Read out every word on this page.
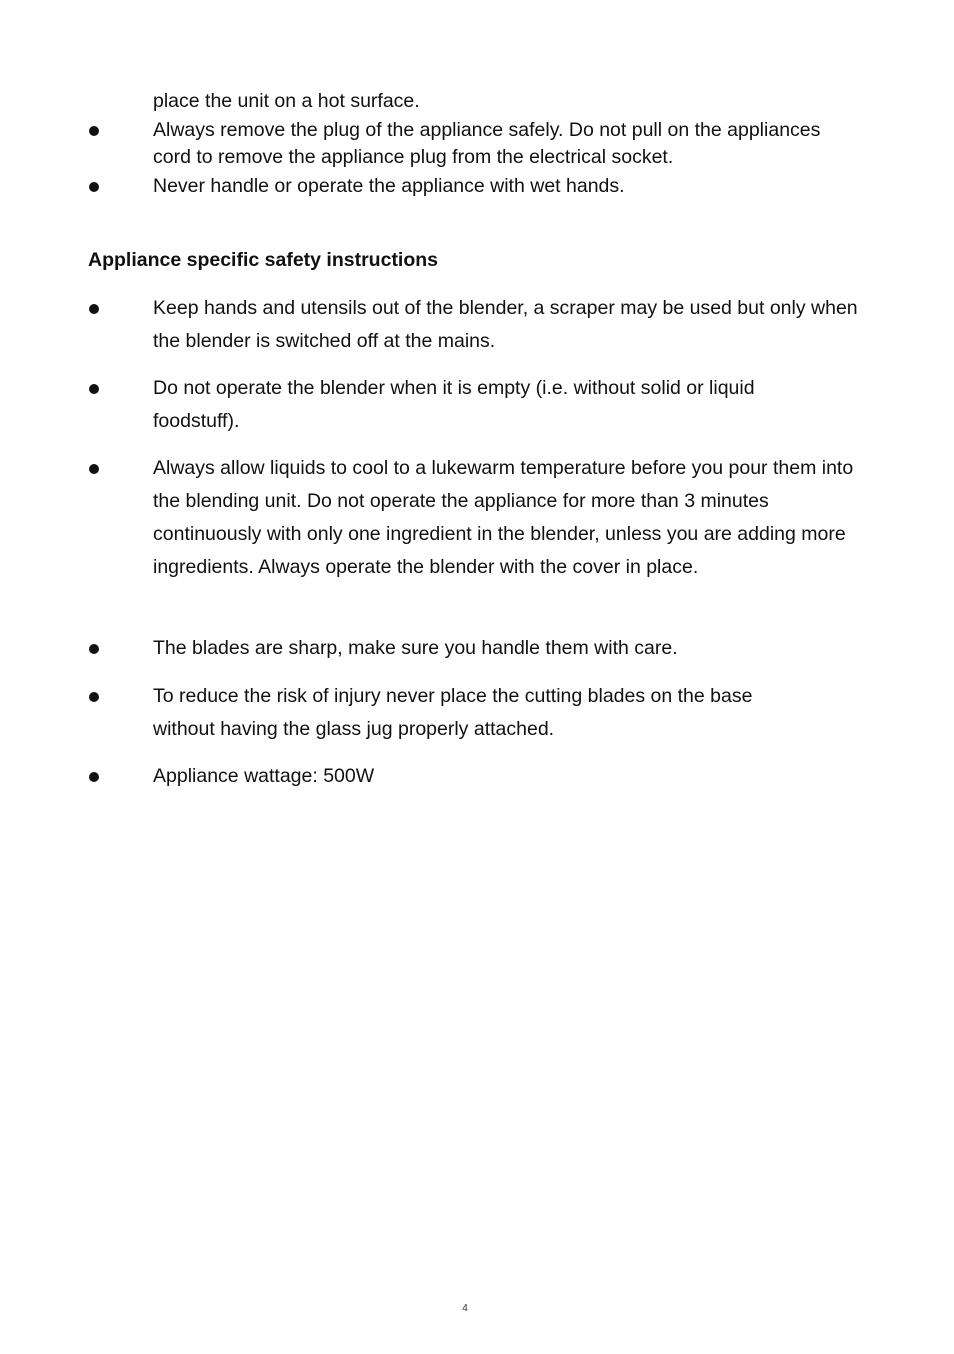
place the unit on a hot surface.
Always remove the plug of the appliance safely. Do not pull on the appliances cord to remove the appliance plug from the electrical socket.
Never handle or operate the appliance with wet hands.
Appliance specific safety instructions
Keep hands and utensils out of the blender, a scraper may be used but only when the blender is switched off at the mains.
Do not operate the blender when it is empty (i.e. without solid or liquid foodstuff).
Always allow liquids to cool to a lukewarm temperature before you pour them into the blending unit. Do not operate the appliance for more than 3 minutes continuously with only one ingredient in the blender, unless you are adding more ingredients. Always operate the blender with the cover in place.
The blades are sharp, make sure you handle them with care.
To reduce the risk of injury never place the cutting blades on the base without having the glass jug properly attached.
Appliance wattage: 500W
4
